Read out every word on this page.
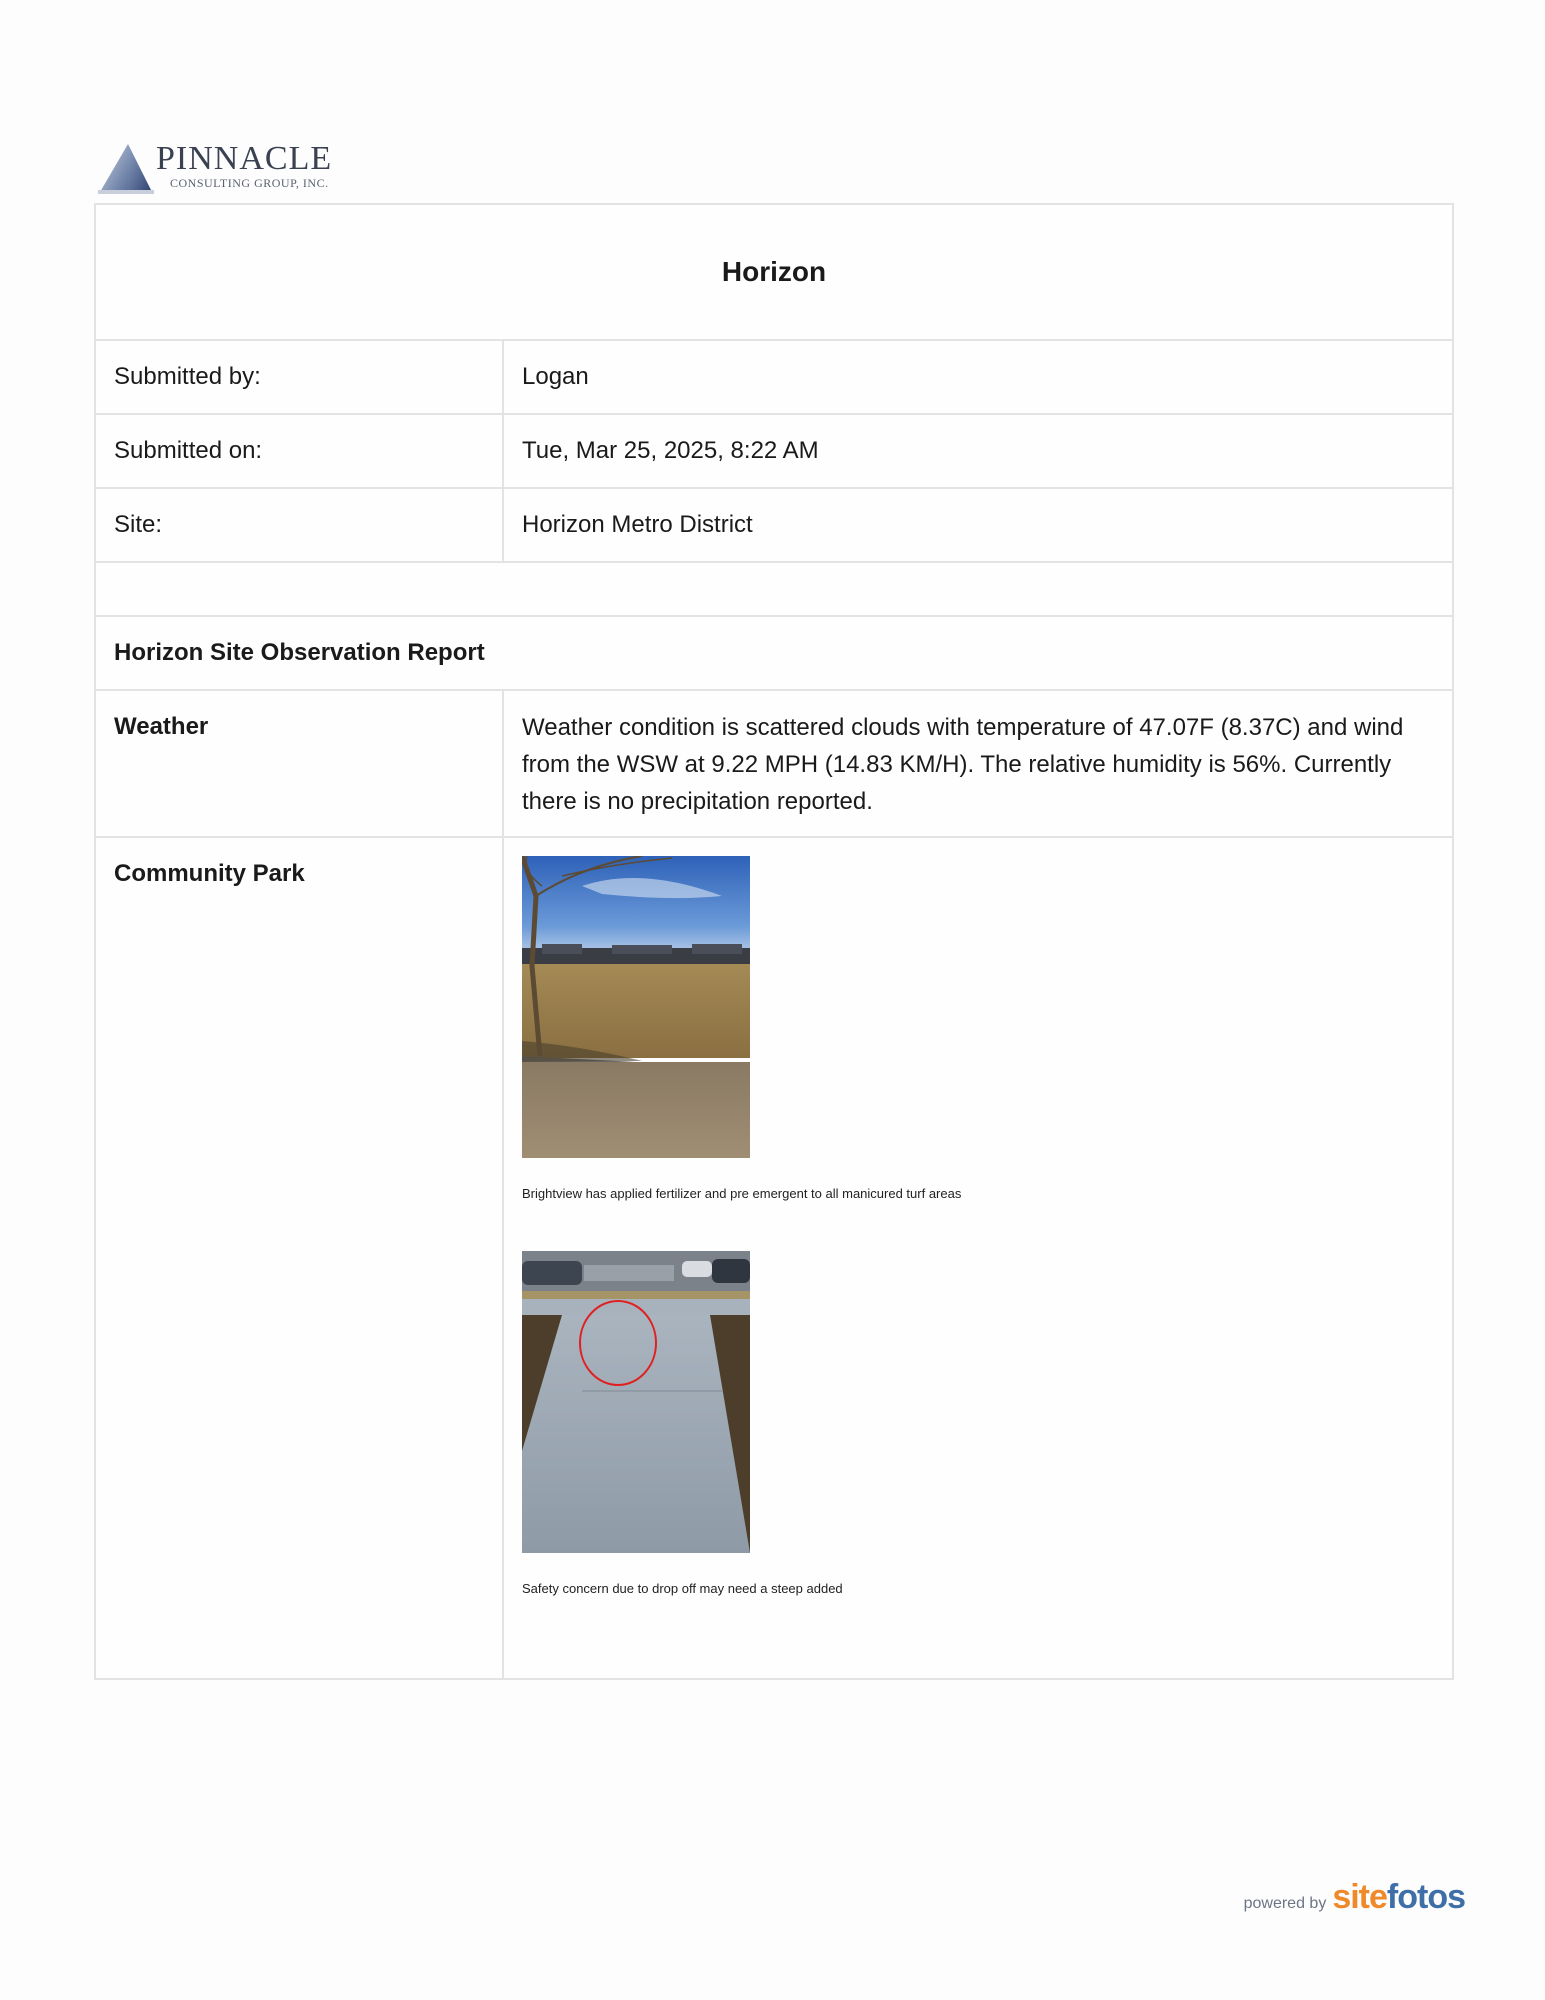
PINNACLE
CONSULTING GROUP, INC.
Horizon
Submitted by:	Logan
Submitted on:	Tue, Mar 25, 2025, 8:22 AM
Site:	Horizon Metro District
Horizon Site Observation Report
Weather	Weather condition is scattered clouds with temperature of 47.07F (8.37C) and wind from the WSW at 9.22 MPH (14.83 KM/H). The relative humidity is 56%. Currently there is no precipitation reported.
Community Park
Brightview has applied fertilizer and pre emergent to all manicured turf areas
Safety concern due to drop off may need a steep added
powered by site fotos
